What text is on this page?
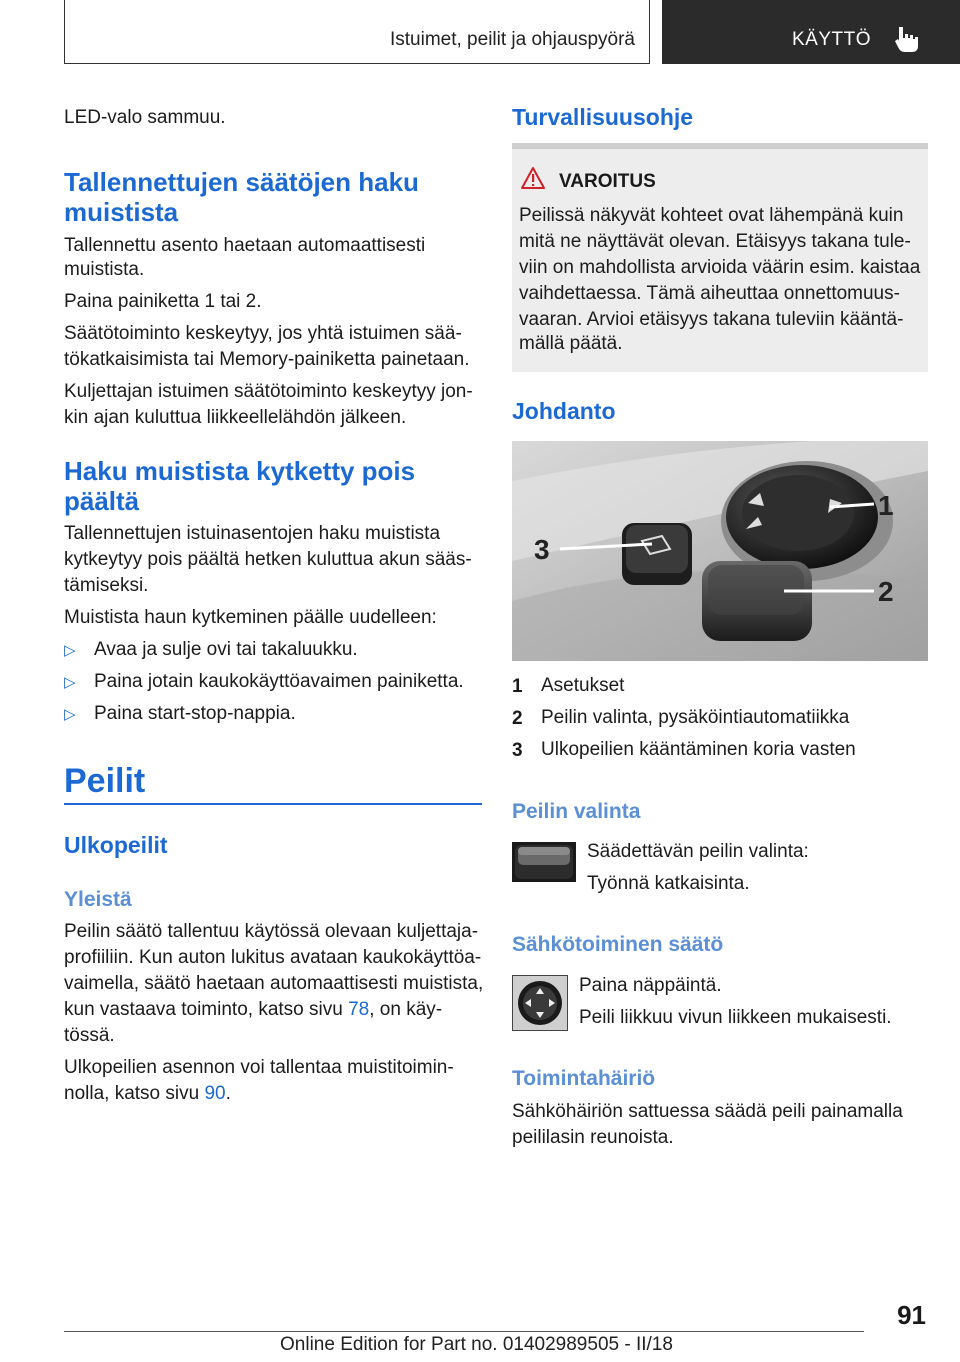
Istuimet, peilit ja ohjauspyörä	KÄYTTÖ
LED-valo sammuu.
Tallennettujen säätöjen haku
muistista
Tallennettu asento haetaan automaattisesti
muistista.
Paina painiketta 1 tai 2.
Säätötoiminto keskeytyy, jos yhtä istuimen sää‐
tökatkaisimista tai Memory-painiketta painetaan.
Kuljettajan istuimen säätötoiminto keskeytyy jon‐
kin ajan kuluttua liikkeellelähdön jälkeen.
Haku muistista kytketty pois
päältä
Tallennettujen istuinasentojen haku muistista
kytkeytyy pois päältä hetken kuluttua akun sääs‐
tämiseksi.
Muistista haun kytkeminen päälle uudelleen:
▷ Avaa ja sulje ovi tai takaluukku.
▷ Paina jotain kaukokäyttöavaimen painiketta.
▷ Paina start-stop-nappia.
Peilit
Ulkopeilit
Yleistä
Peilin säätö tallentuu käytössä olevaan kuljettaja‐
profiiliin. Kun auton lukitus avataan kaukokäyttöa‐
vaimella, säätö haetaan automaattisesti muistista,
kun vastaava toiminto, katso sivu 78, on käy‐
tössä.
Ulkopeilien asennon voi tallentaa muistitoimin‐
nolla, katso sivu 90.
Turvallisuusohje
VAROITUS
Peilissä näkyvät kohteet ovat lähempänä kuin
mitä ne näyttävät olevan. Etäisyys takana tule‐
viin on mahdollista arvioida väärin esim. kaistaa
vaihdettaessa. Tämä aiheuttaa onnettomuus‐
vaaran. Arvioi etäisyys takana tuleviin kääntä‐
mällä päätä.
Johdanto
3
1
2
1 Asetukset
2 Peilin valinta, pysäköintiautomatiikka
3 Ulkopeilien kääntäminen koria vasten
Peilin valinta
Säädettävän peilin valinta:
Työnnä katkaisinta.
Sähkötoiminen säätö
Paina näppäintä.
Peili liikkuu vivun liikkeen mukaisesti.
Toimintahäiriö
Sähköhäiriön sattuessa säädä peili painamalla
peililasin reunoista.
91
Online Edition for Part no. 01402989505 - II/18
